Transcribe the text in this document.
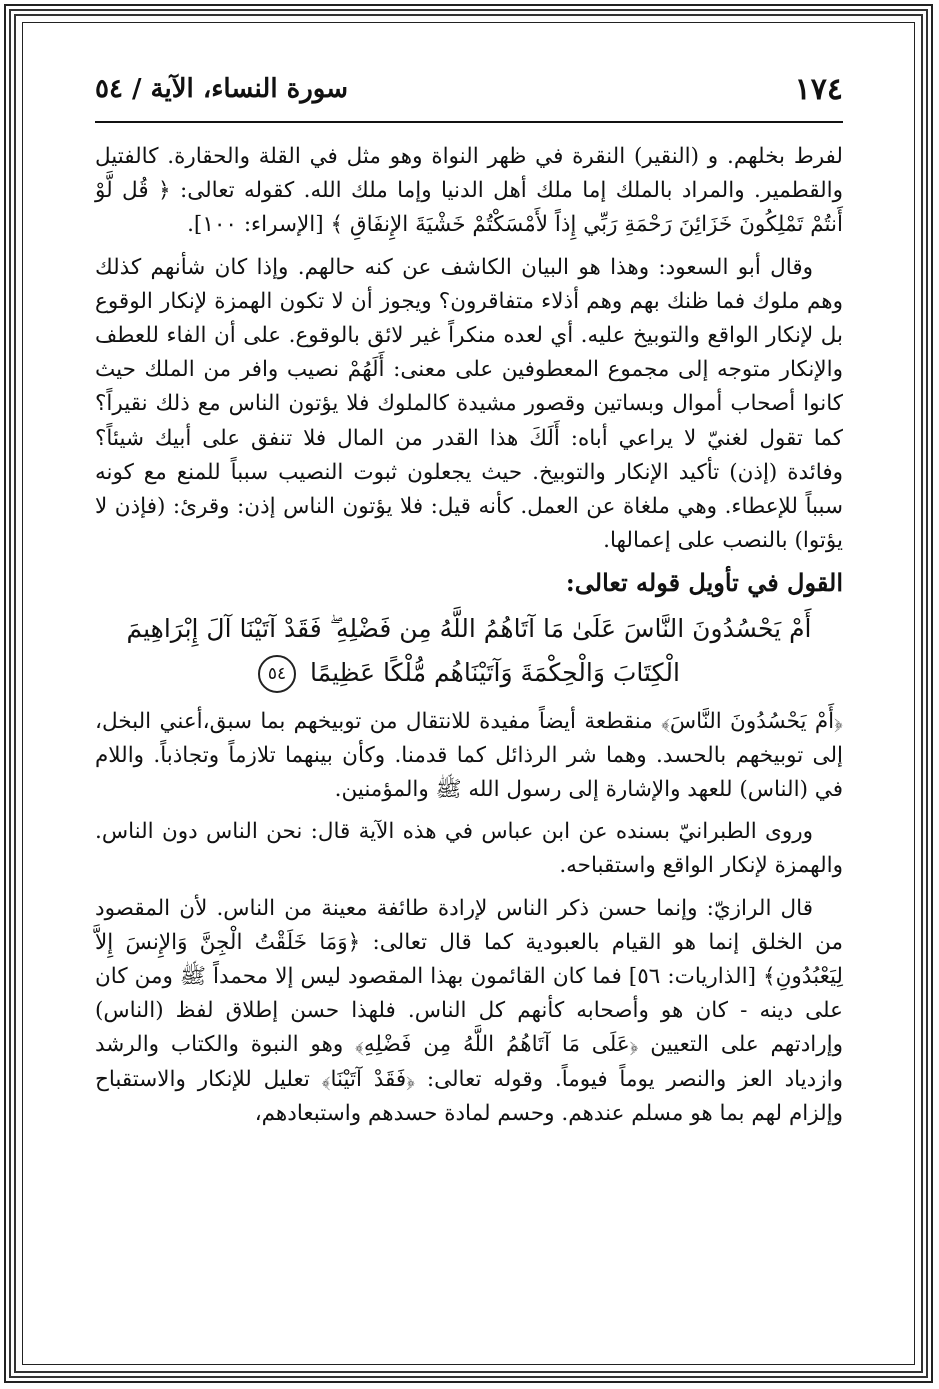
١٧٤
سورة النساء، الآية / ٥٤

لفرط بخلهم. و (النقير) النقرة في ظهر النواة وهو مثل في القلة والحقارة. كالفتيل والقطمير. والمراد بالملك إما ملك أهل الدنيا وإما ملك الله. كقوله تعالى: ﴿ قُل لَّوْ أَنتُمْ تَمْلِكُونَ خَزَائِنَ رَحْمَةِ رَبِّي إِذاً لأَمْسَكْتُمْ خَشْيَةَ الإِنفَاقِ ﴾ [الإسراء: ١٠٠].

وقال أبو السعود: وهذا هو البيان الكاشف عن كنه حالهم. وإذا كان شأنهم كذلك وهم ملوك فما ظنك بهم وهم أذلاء متفاقرون؟ ويجوز أن لا تكون الهمزة لإنكار الوقوع بل لإنكار الواقع والتوبيخ عليه. أي لعده منكراً غير لائق بالوقوع. على أن الفاء للعطف والإنكار متوجه إلى مجموع المعطوفين على معنى: أَلَهُمْ نصيب وافر من الملك حيث كانوا أصحاب أموال وبساتين وقصور مشيدة كالملوك فلا يؤتون الناس مع ذلك نقيراً؟ كما تقول لغنيّ لا يراعي أباه: أَلَكَ هذا القدر من المال فلا تنفق على أبيك شيئاً؟ وفائدة (إذن) تأكيد الإنكار والتوبيخ. حيث يجعلون ثبوت النصيب سبباً للمنع مع كونه سبباً للإعطاء. وهي ملغاة عن العمل. كأنه قيل: فلا يؤتون الناس إذن: وقرئ: (فإذن لا يؤتوا) بالنصب على إعمالها.

القول في تأويل قوله تعالى:

أَمْ يَحْسُدُونَ النَّاسَ عَلَىٰ مَا آتَاهُمُ اللَّهُ مِن فَضْلِهِ ۖ فَقَدْ آتَيْنَا آلَ إِبْرَاهِيمَ الْكِتَابَ وَالْحِكْمَةَ وَآتَيْنَاهُم مُّلْكًا عَظِيمًا ٥٤

﴿أَمْ يَحْسُدُونَ النَّاسَ﴾ منقطعة أيضاً مفيدة للانتقال من توبيخهم بما سبق،أعني البخل، إلى توبيخهم بالحسد. وهما شر الرذائل كما قدمنا. وكأن بينهما تلازماً وتجاذباً. واللام في (الناس) للعهد والإشارة إلى رسول الله ﷺ والمؤمنين.

وروى الطبرانيّ بسنده عن ابن عباس في هذه الآية قال: نحن الناس دون الناس. والهمزة لإنكار الواقع واستقباحه.

قال الرازيّ: وإنما حسن ذكر الناس لإرادة طائفة معينة من الناس. لأن المقصود من الخلق إنما هو القيام بالعبودية كما قال تعالى: ﴿وَمَا خَلَقْتُ الْجِنَّ وَالإِنسَ إِلاَّ لِيَعْبُدُونِ﴾ [الذاريات: ٥٦] فما كان القائمون بهذا المقصود ليس إلا محمداً ﷺ ومن كان على دينه - كان هو وأصحابه كأنهم كل الناس. فلهذا حسن إطلاق لفظ (الناس) وإرادتهم على التعيين ﴿عَلَى مَا آتَاهُمُ اللَّهُ مِن فَضْلِهِ﴾ وهو النبوة والكتاب والرشد وازدياد العز والنصر يوماً فيوماً. وقوله تعالى: ﴿فَقَدْ آتَيْنَا﴾ تعليل للإنكار والاستقباح وإلزام لهم بما هو مسلم عندهم. وحسم لمادة حسدهم واستبعادهم،
